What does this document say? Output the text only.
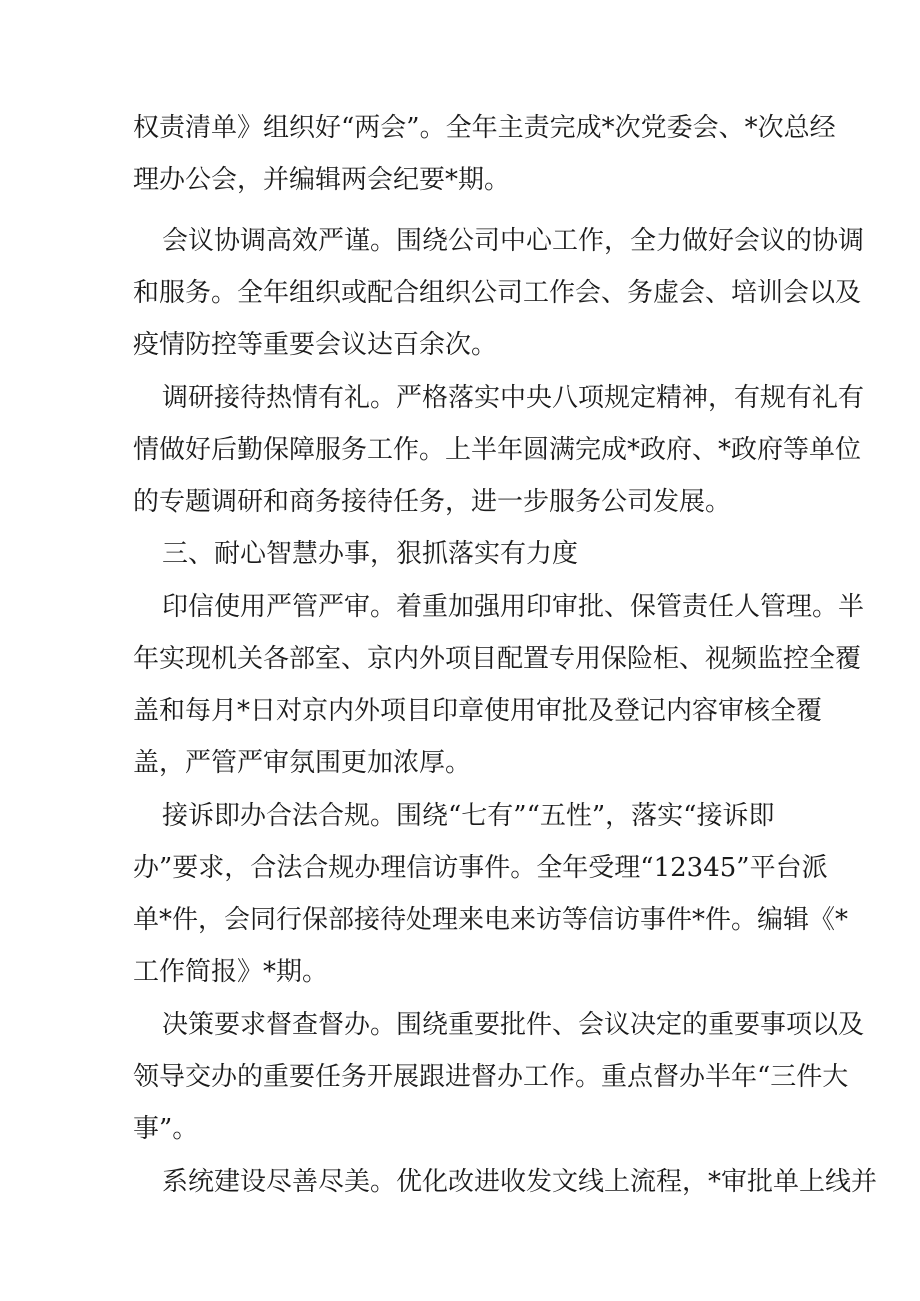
权责清单》组织好“两会”。全年主责完成*次党委会、*次总经
理办公会，并编辑两会纪要*期。
会议协调高效严谨。围绕公司中心工作，全力做好会议的协调
和服务。全年组织或配合组织公司工作会、务虚会、培训会以及
疫情防控等重要会议达百余次。
调研接待热情有礼。严格落实中央八项规定精神，有规有礼有
情做好后勤保障服务工作。上半年圆满完成*政府、*政府等单位
的专题调研和商务接待任务，进一步服务公司发展。
三、耐心智慧办事，狠抓落实有力度
印信使用严管严审。着重加强用印审批、保管责任人管理。半
年实现机关各部室、京内外项目配置专用保险柜、视频监控全覆
盖和每月*日对京内外项目印章使用审批及登记内容审核全覆
盖，严管严审氛围更加浓厚。
接诉即办合法合规。围绕“七有”“五性”，落实“接诉即
办”要求，合法合规办理信访事件。全年受理“12345”平台派
单*件，会同行保部接待处理来电来访等信访事件*件。编辑《*
工作简报》*期。
决策要求督查督办。围绕重要批件、会议决定的重要事项以及
领导交办的重要任务开展跟进督办工作。重点督办半年“三件大
事”。
系统建设尽善尽美。优化改进收发文线上流程，*审批单上线并
